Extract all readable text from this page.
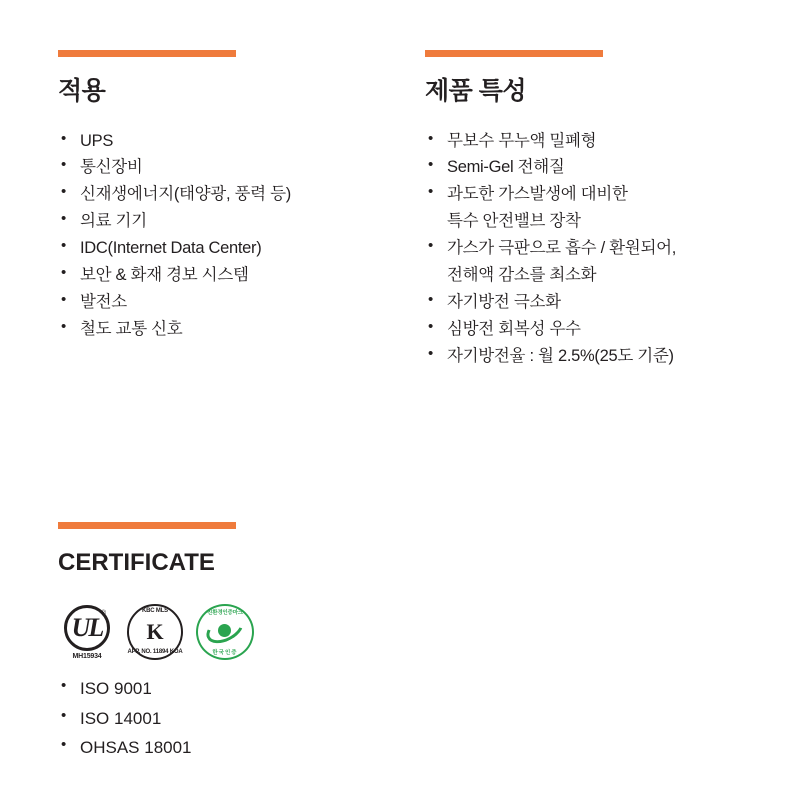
적용
• UPS
• 통신장비
• 신재생에너지(태양광, 풍력 등)
• 의료 기기
• IDC(Internet Data Center)
• 보안 & 화재 경보 시스템
• 발전소
• 철도 교통 신호
제품 특성
• 무보수 무누액 밀폐형
• Semi-Gel 전해질
• 과도한 가스발생에 대비한
특수 안전밸브 장착
• 가스가 극판으로 흡수 / 환원되어,
전해액 감소를 최소화
• 자기방전 극소화
• 심방전 회복성 우수
• 자기방전율 : 월 2.5%(25도 기준)
CERTIFICATE
UL
®
MH15934
KBC MLS
K
APP, NO. 11894 KOA
친환경인증마크
한국인증
• ISO 9001
• ISO 14001
• OHSAS 18001
